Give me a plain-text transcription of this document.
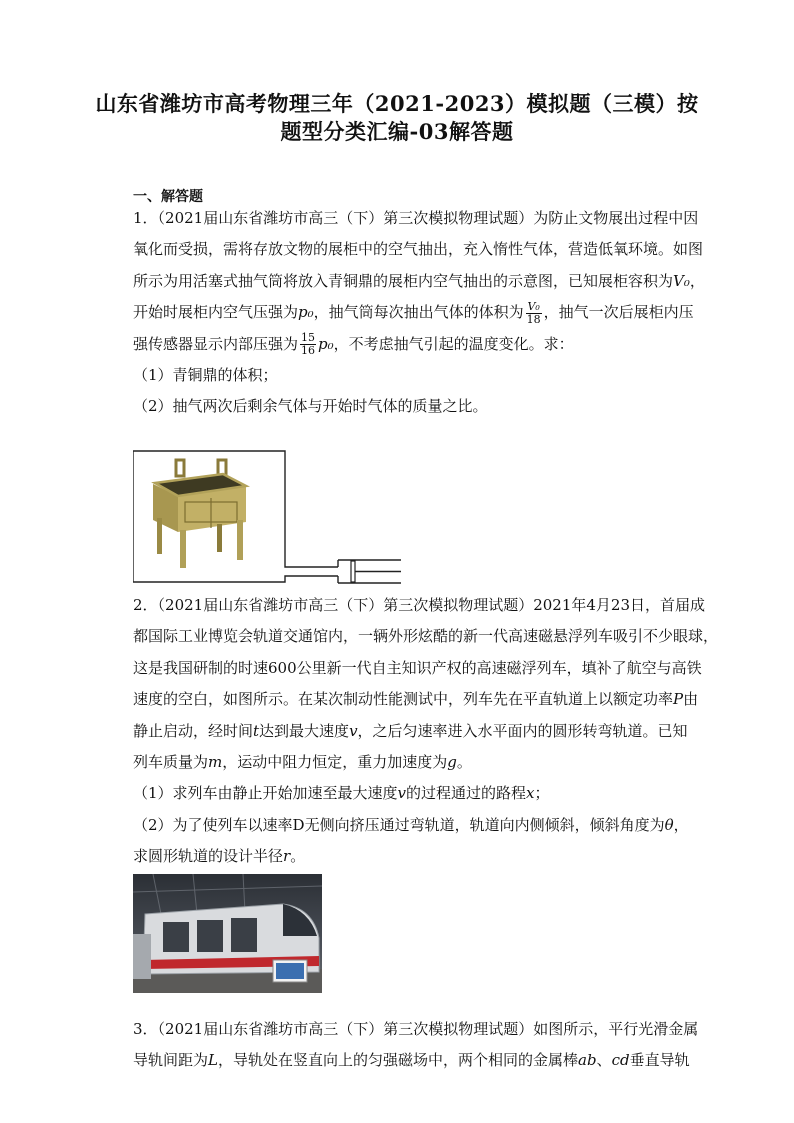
山东省潍坊市高考物理三年（2021-2023）模拟题（三模）按
题型分类汇编-03解答题
一、解答题
1．（2021届山东省潍坊市高三（下）第三次模拟物理试题）为防止文物展出过程中因
氧化而受损，需将存放文物的展柜中的空气抽出，充入惰性气体，营造低氧环境。如图
所示为用活塞式抽气筒将放入青铜鼎的展柜内空气抽出的示意图，已知展柜容积为V₀，
开始时展柜内空气压强为p₀，抽气筒每次抽出气体的体积为 $\frac{\text{V₀}}{18}$ ，抽气一次后展柜内压
强传感器显示内部压强为 $\frac{15}{16} p_0$，不考虑抽气引起的温度变化。求：
（1）青铜鼎的体积；
（2）抽气两次后剩余气体与开始时气体的质量之比。
2．（2021届山东省潍坊市高三（下）第三次模拟物理试题）2021年4月23日，首届成
都国际工业博览会轨道交通馆内，一辆外形炫酷的新一代高速磁悬浮列车吸引不少眼球，
这是我国研制的时速600公里新一代自主知识产权的高速磁浮列车，填补了航空与高铁
速度的空白，如图所示。在某次制动性能测试中，列车先在平直轨道上以额定功率P由
静止启动，经时间t达到最大速度v，之后匀速率进入水平面内的圆形转弯轨道。已知
列车质量为m，运动中阻力恒定，重力加速度为g。
（1）求列车由静止开始加速至最大速度v的过程通过的路程x；
（2）为了使列车以速率D无侧向挤压通过弯轨道，轨道向内侧倾斜，倾斜角度为θ，
求圆形轨道的设计半径r。
3．（2021届山东省潍坊市高三（下）第三次模拟物理试题）如图所示，平行光滑金属
导轨间距为L，导轨处在竖直向上的匀强磁场中，两个相同的金属棒ab、cd垂直导轨
